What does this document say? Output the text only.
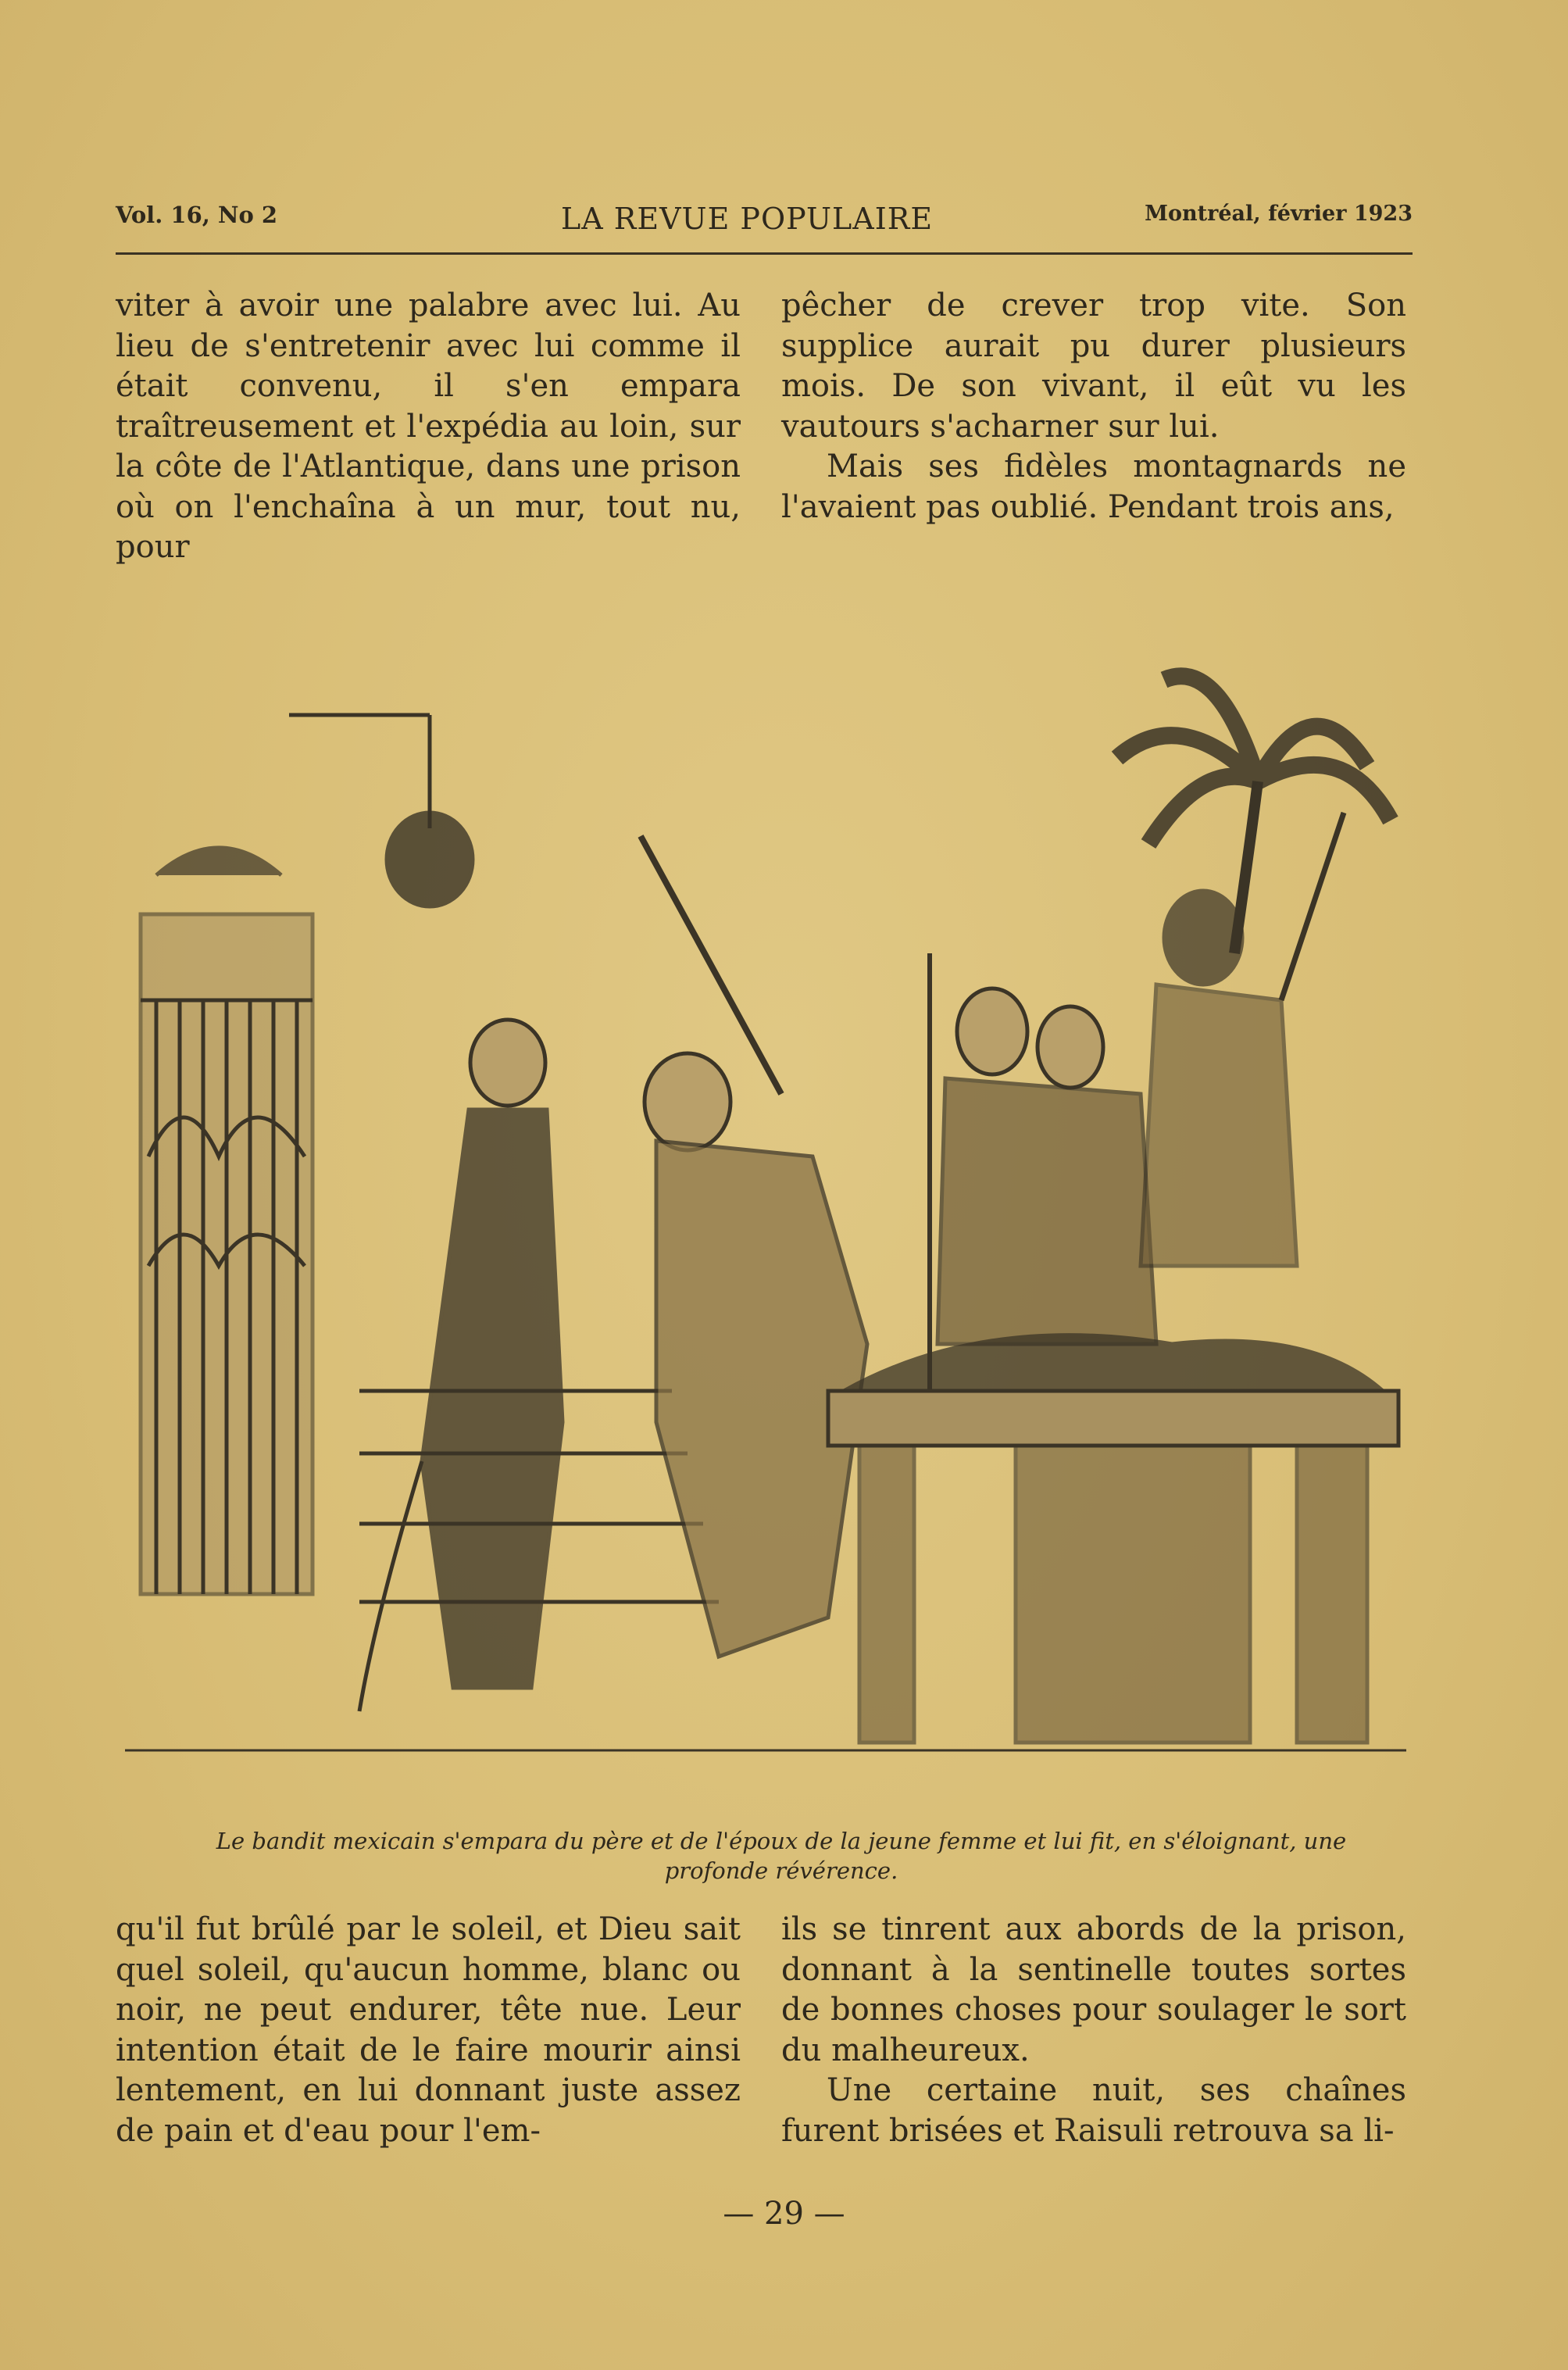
Vol. 16, No 2	LA REVUE POPULAIRE	Montréal, février 1923

viter à avoir une palabre avec lui. Au lieu de s'entretenir avec lui comme il était convenu, il s'en empara traîtreusement et l'expédia au loin, sur la côte de l'Atlantique, dans une prison où on l'enchaîna à un mur, tout nu, pour

pêcher de crever trop vite. Son supplice aurait pu durer plusieurs mois. De son vivant, il eût vu les vautours s'acharner sur lui.

Mais ses fidèles montagnards ne l'avaient pas oublié. Pendant trois ans,

Le bandit mexicain s'empara du père et de l'époux de la jeune femme et lui fit, en s'éloignant, une profonde révérence.

qu'il fut brûlé par le soleil, et Dieu sait quel soleil, qu'aucun homme, blanc ou noir, ne peut endurer, tête nue. Leur intention était de le faire mourir ainsi lentement, en lui donnant juste assez de pain et d'eau pour l'em-

ils se tinrent aux abords de la prison, donnant à la sentinelle toutes sortes de bonnes choses pour soulager le sort du malheureux.

Une certaine nuit, ses chaînes furent brisées et Raisuli retrouva sa li-

— 29 —
